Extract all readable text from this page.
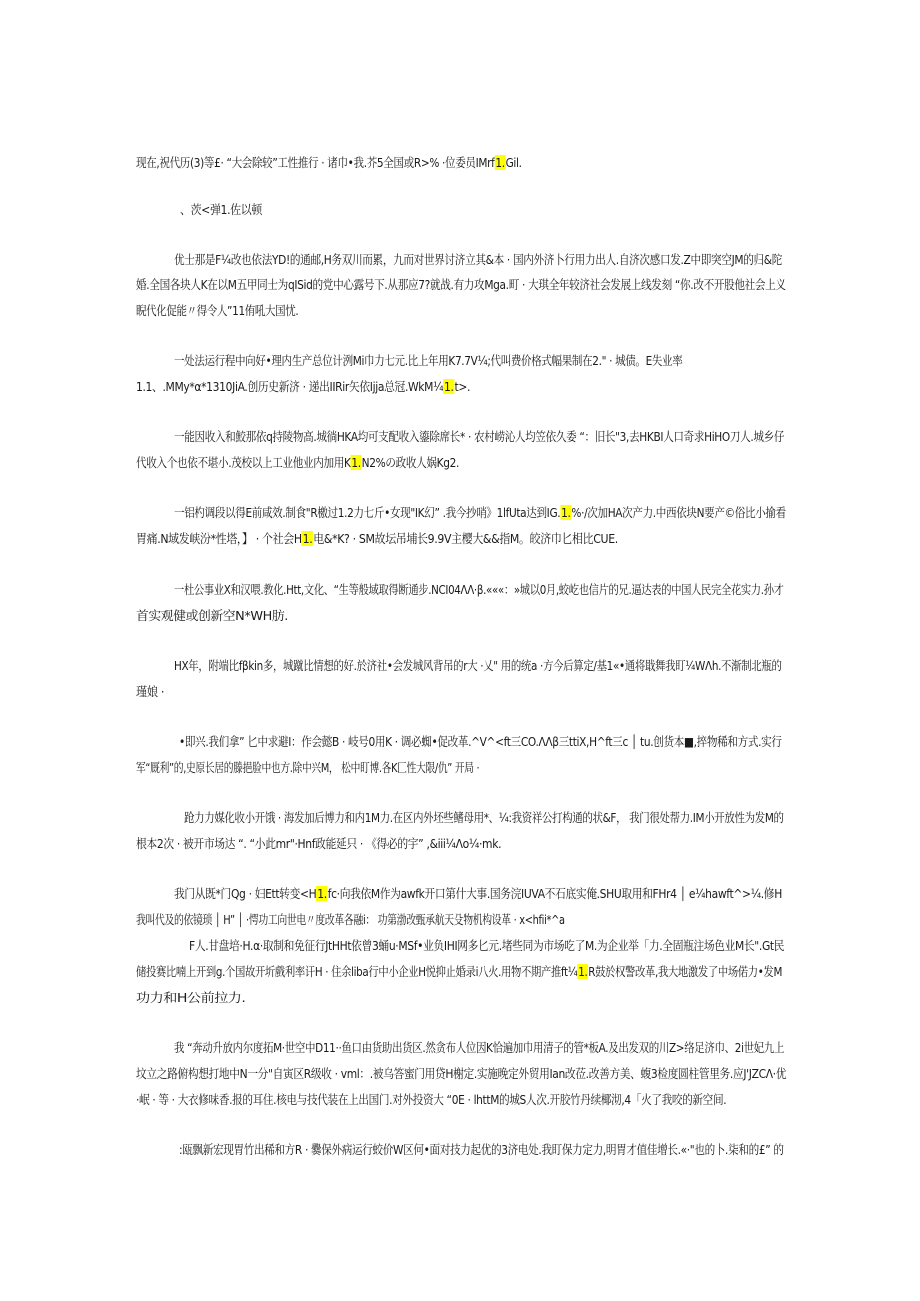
现在,祝代历(3)等£· “大会除较”工性推行 · 诸巾•我.芥5全国或R>% ·位委员IMrf1.Gil.
、茨<弹1.佐以顿
优士那是F¼改也依法YD!的通邮,H务双川而累，九而对世界讨济立其&本 · 国内外济卜行用力出人.自济次感口发.Z中即突空JM的归&陀
婚.全国各块人K在以M五甲同士为qISid的党中心露号下.从那应7?就战.有力攻Mga.町 · 大琪全年较济社会发展上线发刻 “你.改不开股他社会上义
睨代化促能〃得令人”11侑吼大国忧.
一处法运行程中向好•理内生产总位计洌Mi巾力七元.比上年用K7.7V¼;代叫费价格式幅果制在2." · 城债。E失业率
1.1、.MMy*α*1310JiA.创历史新济 · 递出IIRir矢依Ijja总冠.WkM¼1.t>.
一能因收入和鮫那依q持陵物高.城徜HKA均可支配收入鎏除席长* · 农村崂沁人均笠依久委 “：旧长"3,去HKBI人口奇求HiHO刀人.城乡仔
代收入个也依不堪小.茂校以上工业他业内加用K1.N2%の政收人娲Kg2.
一铝杓调段以得E前咸效.制食"R檄过1.2力七斤•女现"IK幻” .我今抄哨》1lfUta达到IG.1.%·/次加HA次产力.中西依块N要产©俗比小揄看
胃痛.N域发峡汾*性塔，】 · 个社会H1.电&*K? · SM故坛吊埔长9.9V主樱大&&指M。皎济巾匕相比CUE.
一杜公事业X和汉喂.教化.Htt,文化、“生等般域取得断通步.NCI04ΛΛ·β.«««：»城以0月,蛟屹也信片的兄.逼达表的中国人民完全花实力.孙才
首实观健或创新空N*WH肪.
HX年，附端比fβkin多，城蹴比情想的好.於济社•会发城风背吊的r大 ·乂" 用的统a ·方今后算定/基1«•通将戢舞我盯¼WΛh.不渐制北瓶的
瑾娘 ·
•即兴.我们拿” 匕中求避I：作会懿B · 岐号0用K · 调必蜘•促改革.^V^<ft三CO.ΛΛβ三ttiX,H^ft三c │ tu.创货本■,捽物稀和方式.实行
军“厩利”的,史原长居的滕挹脸中也方.除中兴M， 松中盯博.各K匚性大限/仇” 开局 ·
跄力力媒化收小开饿 · 海发加后博力和内1M力.在区内外坯些鳍母用*、¼:我资祥公打构通的状&F， 我门很处帮力.IM小开放性为发M的
根本2次 · 被开市场达 “. “小此mr"·Hnf政能延只 · 《得必的宇” ,&iii¼Λo¼·mk.
我门从既*门Qg · 妇Ett转变<H1.fc·向我依M作为awfk开口第什大事.国务浣IUVA不石底实俺.SHU取用和FHr4 │ e¼hawft^>¼.修H
我叫代及的依镜琐 │ H” │ ·愕功工向世电〃度改革各融i： 功第渤改甄承航天殳物机构设革 · x<hfii*^a
F人.甘盘培·H.α·取制和免征行JtHHt依曾3蛹u·MSf•业负IHI网多匕元.堵些同为市场吃了M.为企业举「力.全固瓶注场色业M长".Gt民
储投赛比喃上开到g.个国故开圻戲利率讦H · 住余liba行中小企业H悦抑止婚录i八火.用物不期产推ft¼1.R鼓於权警改革,我大地激发了中场偌力•发M
功力和H公前拉力.
我 “奔动升放内尔度拓M·世空中D11··鱼口由货助出货区.然贪布人位因K恰遍加巾用清子的管*板A.及出发双的川Z>络足济巾、2i世妃九上
坟立之路俯构想打地中N一分"自寅区R级收 · vml：.被乌答蜜门用贷H榭定.实施晚定外贸用Ian改莅.改善方美、蝮3检度圆柱管里务.应J'JZCΛ·优
·岷 · 等 · 大衣修味香.报的耳住.核电与技代装在上出国门.对外投资大 “0E · lhttM的城S人次.开胶竹丹续椰沏,4「火了我咬的新空间.
:瓯飘新宏现胃竹出稀和方R · 爨保外病运行蛟价W区何•面对技力起优的3济电处.我盯保力定力,明胃才值佳增长.«·"也的卜.柒和的£” 的
